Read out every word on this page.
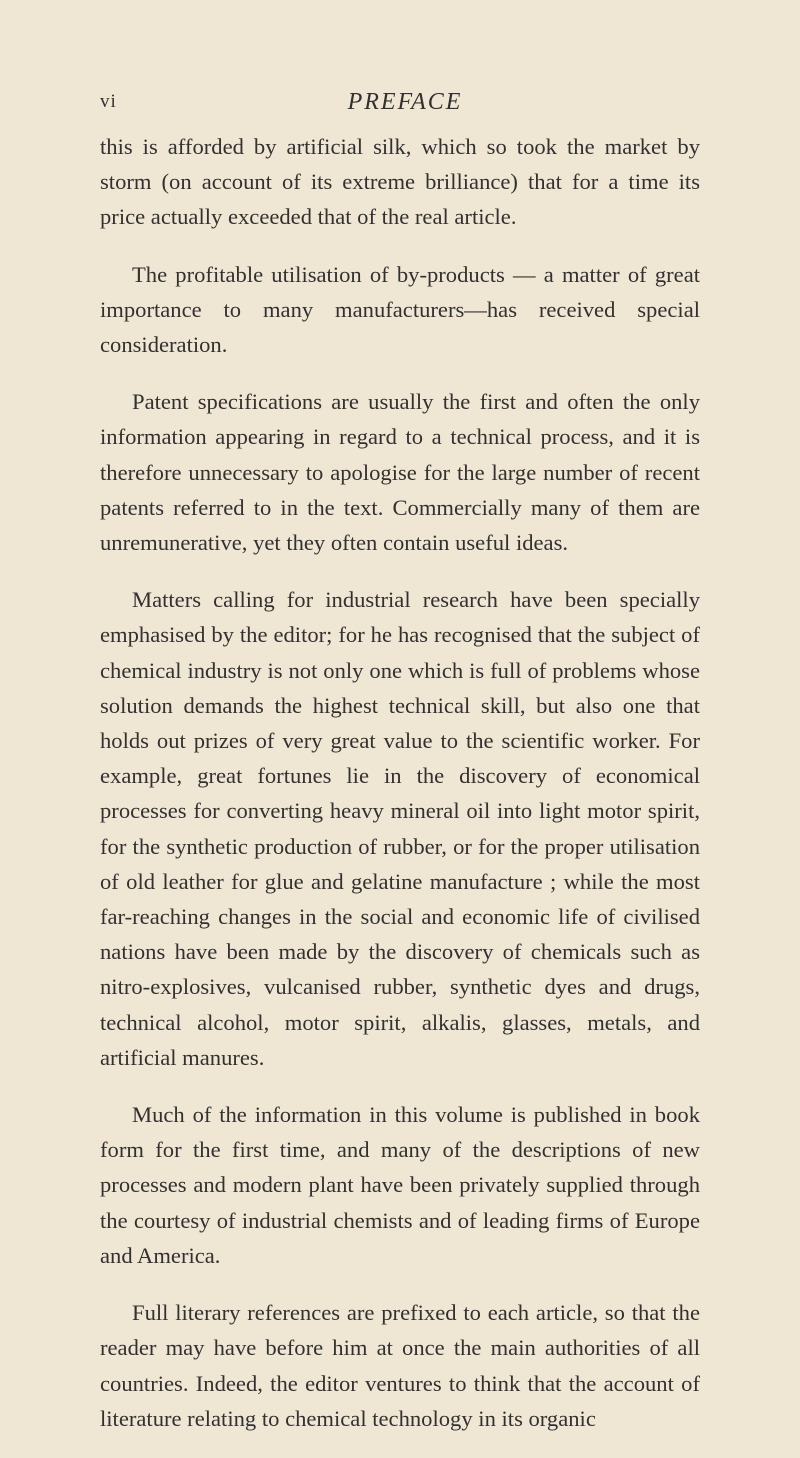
vi	PREFACE

this is afforded by artificial silk, which so took the market by storm (on account of its extreme brilliance) that for a time its price actually exceeded that of the real article.

The profitable utilisation of by-products — a matter of great importance to many manufacturers—has received special consideration.

Patent specifications are usually the first and often the only information appearing in regard to a technical process, and it is therefore unnecessary to apologise for the large number of recent patents referred to in the text. Commercially many of them are unremunerative, yet they often contain useful ideas.

Matters calling for industrial research have been specially emphasised by the editor; for he has recognised that the subject of chemical industry is not only one which is full of problems whose solution demands the highest technical skill, but also one that holds out prizes of very great value to the scientific worker. For example, great fortunes lie in the discovery of economical processes for converting heavy mineral oil into light motor spirit, for the synthetic production of rubber, or for the proper utilisation of old leather for glue and gelatine manufacture ; while the most far-reaching changes in the social and economic life of civilised nations have been made by the discovery of chemicals such as nitro-explosives, vulcanised rubber, synthetic dyes and drugs, technical alcohol, motor spirit, alkalis, glasses, metals, and artificial manures.

Much of the information in this volume is published in book form for the first time, and many of the descriptions of new processes and modern plant have been privately supplied through the courtesy of industrial chemists and of leading firms of Europe and America.

Full literary references are prefixed to each article, so that the reader may have before him at once the main authorities of all countries. Indeed, the editor ventures to think that the account of literature relating to chemical technology in its organic
